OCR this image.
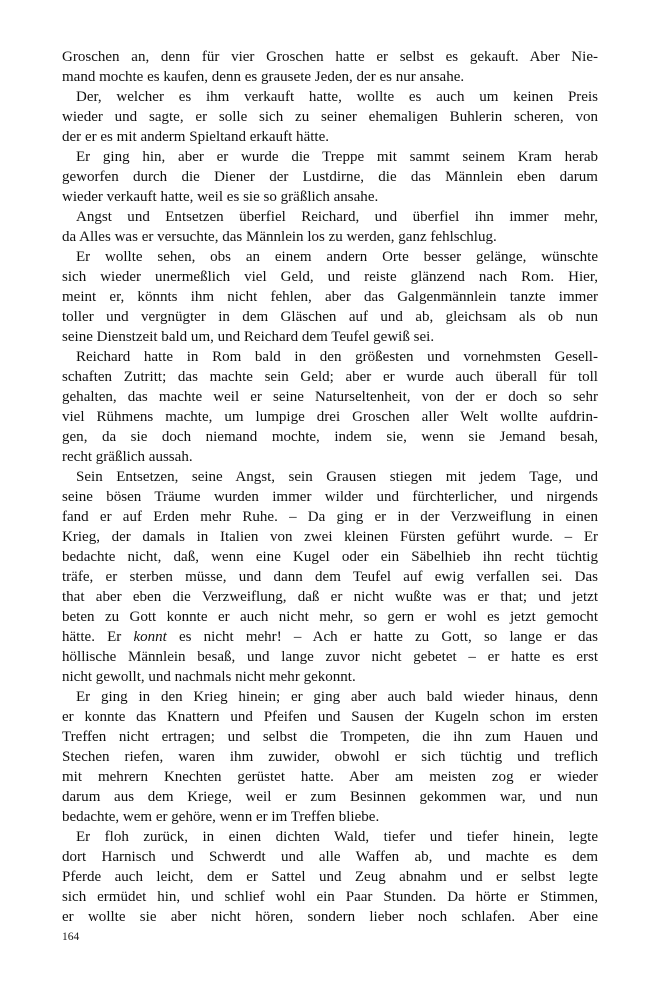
Groschen an, denn für vier Groschen hatte er selbst es gekauft. Aber Nie-
mand mochte es kaufen, denn es grausete Jeden, der es nur ansahe.
Der, welcher es ihm verkauft hatte, wollte es auch um keinen Preis
wieder und sagte, er solle sich zu seiner ehemaligen Buhlerin scheren, von
der er es mit anderm Spieltand erkauft hätte.
Er ging hin, aber er wurde die Treppe mit sammt seinem Kram herab
geworfen durch die Diener der Lustdirne, die das Männlein eben darum
wieder verkauft hatte, weil es sie so gräßlich ansahe.
Angst und Entsetzen überfiel Reichard, und überfiel ihn immer mehr,
da Alles was er versuchte, das Männlein los zu werden, ganz fehlschlug.
Er wollte sehen, obs an einem andern Orte besser gelänge, wünschte
sich wieder unermeßlich viel Geld, und reiste glänzend nach Rom. Hier,
meint er, könnts ihm nicht fehlen, aber das Galgenmännlein tanzte immer
toller und vergnügter in dem Gläschen auf und ab, gleichsam als ob nun
seine Dienstzeit bald um, und Reichard dem Teufel gewiß sei.
Reichard hatte in Rom bald in den größesten und vornehmsten Gesell-
schaften Zutritt; das machte sein Geld; aber er wurde auch überall für toll
gehalten, das machte weil er seine Naturseltenheit, von der er doch so sehr
viel Rühmens machte, um lumpige drei Groschen aller Welt wollte aufdrin-
gen, da sie doch niemand mochte, indem sie, wenn sie Jemand besah,
recht gräßlich aussah.
Sein Entsetzen, seine Angst, sein Grausen stiegen mit jedem Tage, und
seine bösen Träume wurden immer wilder und fürchterlicher, und nirgends
fand er auf Erden mehr Ruhe. – Da ging er in der Verzweiflung in einen
Krieg, der damals in Italien von zwei kleinen Fürsten geführt wurde. – Er
bedachte nicht, daß, wenn eine Kugel oder ein Säbelhieb ihn recht tüchtig
träfe, er sterben müsse, und dann dem Teufel auf ewig verfallen sei. Das
that aber eben die Verzweiflung, daß er nicht wußte was er that; und jetzt
beten zu Gott konnte er auch nicht mehr, so gern er wohl es jetzt gemocht
hätte. Er konnt es nicht mehr! – Ach er hatte zu Gott, so lange er das
höllische Männlein besaß, und lange zuvor nicht gebetet – er hatte es erst
nicht gewollt, und nachmals nicht mehr gekonnt.
Er ging in den Krieg hinein; er ging aber auch bald wieder hinaus, denn
er konnte das Knattern und Pfeifen und Sausen der Kugeln schon im ersten
Treffen nicht ertragen; und selbst die Trompeten, die ihn zum Hauen und
Stechen riefen, waren ihm zuwider, obwohl er sich tüchtig und treflich
mit mehrern Knechten gerüstet hatte. Aber am meisten zog er wieder
darum aus dem Kriege, weil er zum Besinnen gekommen war, und nun
bedachte, wem er gehöre, wenn er im Treffen bliebe.
Er floh zurück, in einen dichten Wald, tiefer und tiefer hinein, legte
dort Harnisch und Schwerdt und alle Waffen ab, und machte es dem
Pferde auch leicht, dem er Sattel und Zeug abnahm und er selbst legte
sich ermüdet hin, und schlief wohl ein Paar Stunden. Da hörte er Stimmen,
er wollte sie aber nicht hören, sondern lieber noch schlafen. Aber eine
164
